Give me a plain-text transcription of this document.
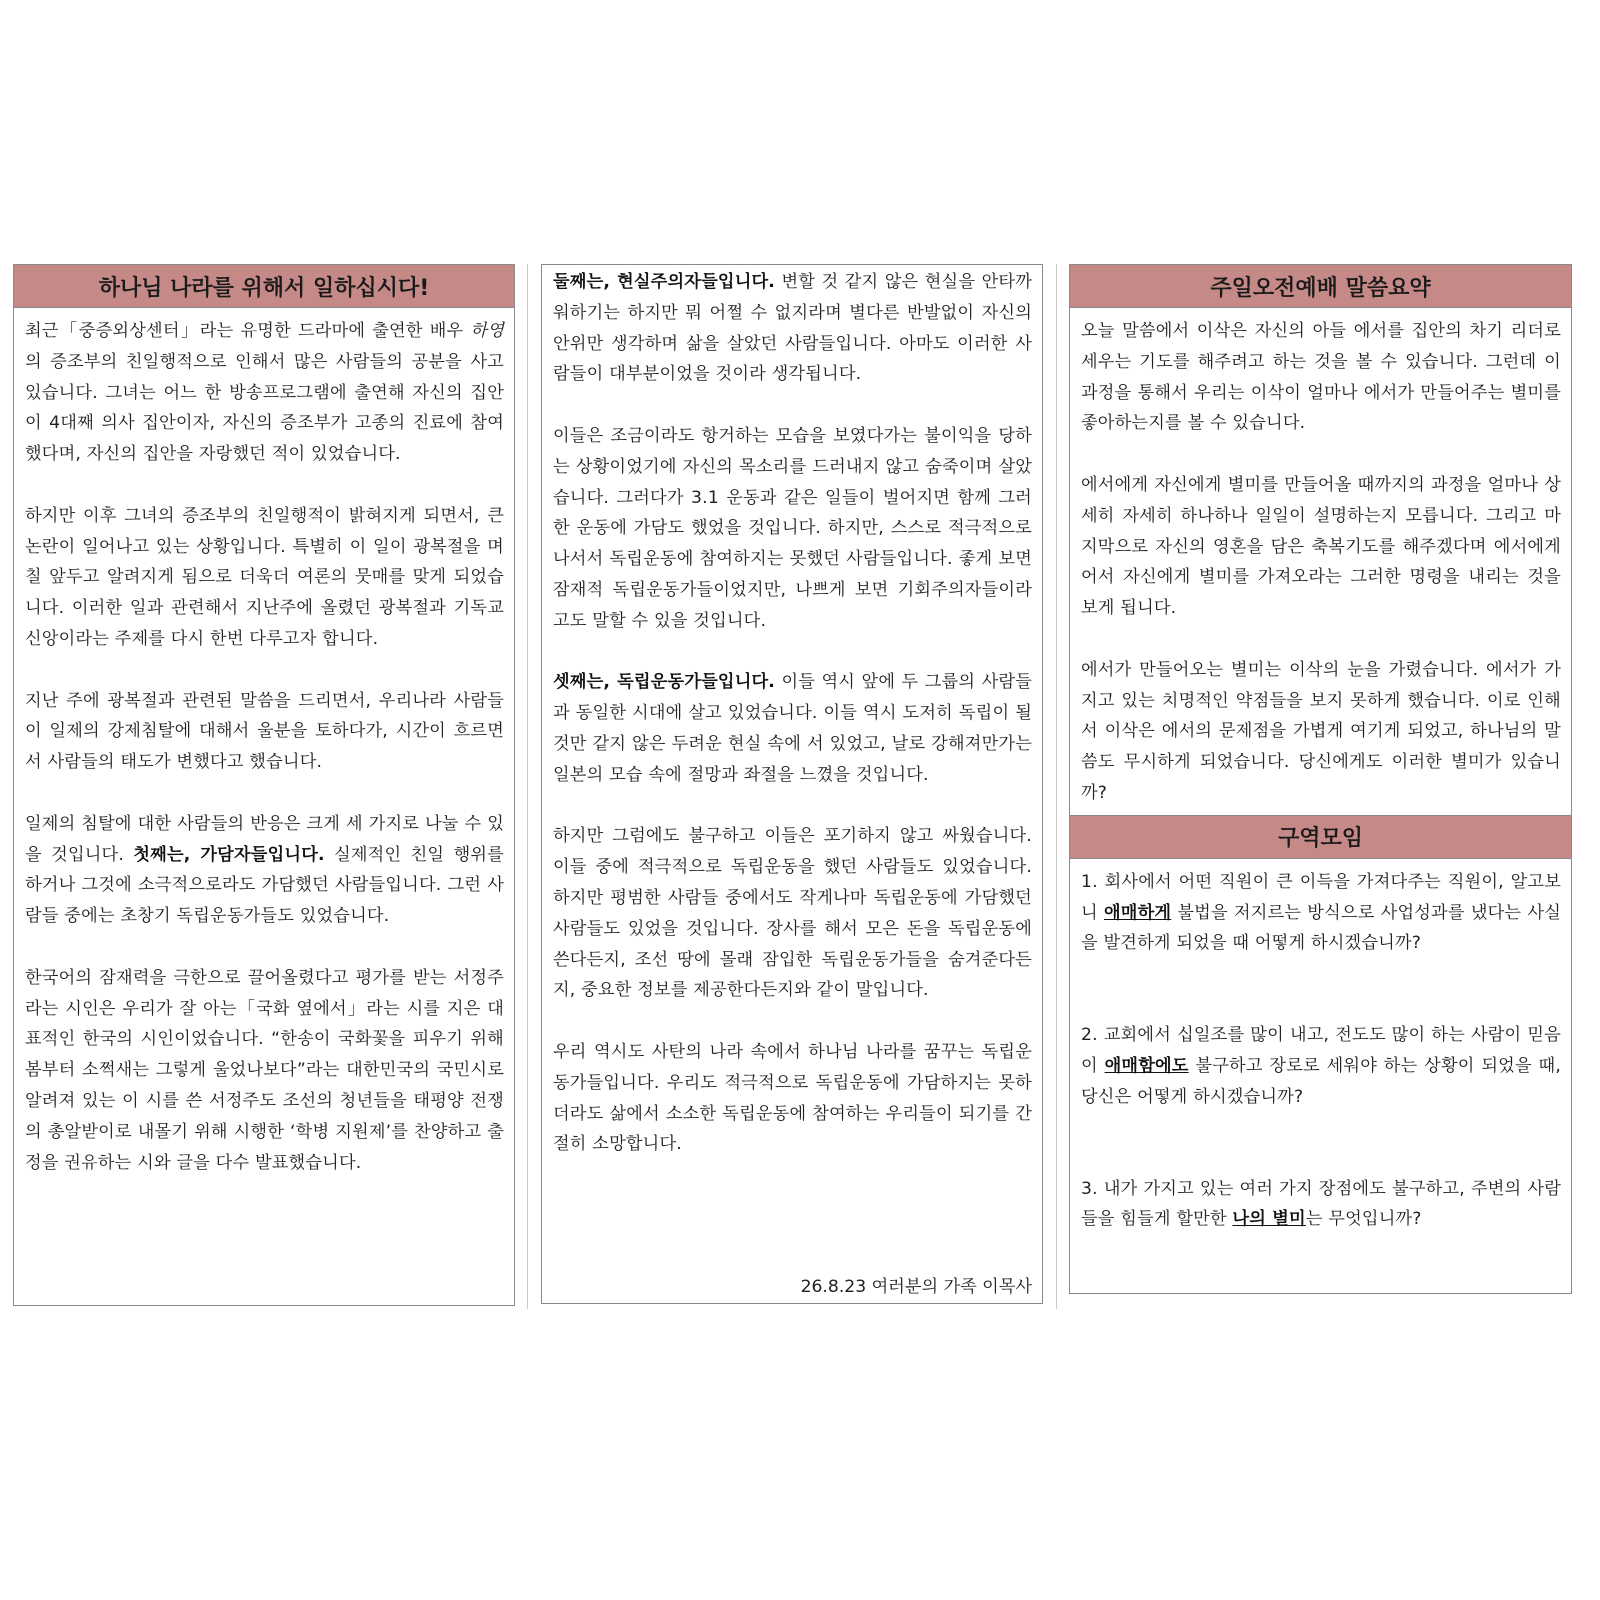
하나님 나라를 위해서 일하십시다!

최근「중증외상센터」라는 유명한 드라마에 출연한 배우 하영의 증조부의 친일행적으로 인해서 많은 사람들의 공분을 사고 있습니다. 그녀는 어느 한 방송프로그램에 출연해 자신의 집안이 4대째 의사 집안이자, 자신의 증조부가 고종의 진료에 참여했다며, 자신의 집안을 자랑했던 적이 있었습니다.

하지만 이후 그녀의 증조부의 친일행적이 밝혀지게 되면서, 큰 논란이 일어나고 있는 상황입니다. 특별히 이 일이 광복절을 며칠 앞두고 알려지게 됨으로 더욱더 여론의 뭇매를 맞게 되었습니다. 이러한 일과 관련해서 지난주에 올렸던 광복절과 기독교 신앙이라는 주제를 다시 한번 다루고자 합니다.

지난 주에 광복절과 관련된 말씀을 드리면서, 우리나라 사람들이 일제의 강제침탈에 대해서 울분을 토하다가, 시간이 흐르면서 사람들의 태도가 변했다고 했습니다.

일제의 침탈에 대한 사람들의 반응은 크게 세 가지로 나눌 수 있을 것입니다. 첫째는, 가담자들입니다. 실제적인 친일 행위를 하거나 그것에 소극적으로라도 가담했던 사람들입니다. 그런 사람들 중에는 초창기 독립운동가들도 있었습니다.

한국어의 잠재력을 극한으로 끌어올렸다고 평가를 받는 서정주라는 시인은 우리가 잘 아는「국화 옆에서」라는 시를 지은 대표적인 한국의 시인이었습니다. “한송이 국화꽃을 피우기 위해 봄부터 소쩍새는 그렇게 울었나보다”라는 대한민국의 국민시로 알려져 있는 이 시를 쓴 서정주도 조선의 청년들을 태평양 전쟁의 총알받이로 내몰기 위해 시행한 ‘학병 지원제’를 찬양하고 출정을 권유하는 시와 글을 다수 발표했습니다.

둘째는, 현실주의자들입니다. 변할 것 같지 않은 현실을 안타까워하기는 하지만 뭐 어쩔 수 없지라며 별다른 반발없이 자신의 안위만 생각하며 삶을 살았던 사람들입니다. 아마도 이러한 사람들이 대부분이었을 것이라 생각됩니다.

이들은 조금이라도 항거하는 모습을 보였다가는 불이익을 당하는 상황이었기에 자신의 목소리를 드러내지 않고 숨죽이며 살았습니다. 그러다가 3.1 운동과 같은 일들이 벌어지면 함께 그러한 운동에 가담도 했었을 것입니다. 하지만, 스스로 적극적으로 나서서 독립운동에 참여하지는 못했던 사람들입니다. 좋게 보면 잠재적 독립운동가들이었지만, 나쁘게 보면 기회주의자들이라고도 말할 수 있을 것입니다.

셋째는, 독립운동가들입니다. 이들 역시 앞에 두 그룹의 사람들과 동일한 시대에 살고 있었습니다. 이들 역시 도저히 독립이 될 것만 같지 않은 두려운 현실 속에 서 있었고, 날로 강해져만가는 일본의 모습 속에 절망과 좌절을 느꼈을 것입니다.

하지만 그럼에도 불구하고 이들은 포기하지 않고 싸웠습니다. 이들 중에 적극적으로 독립운동을 했던 사람들도 있었습니다. 하지만 평범한 사람들 중에서도 작게나마 독립운동에 가담했던 사람들도 있었을 것입니다. 장사를 해서 모은 돈을 독립운동에 쓴다든지, 조선 땅에 몰래 잠입한 독립운동가들을 숨겨준다든지, 중요한 정보를 제공한다든지와 같이 말입니다.

우리 역시도 사탄의 나라 속에서 하나님 나라를 꿈꾸는 독립운동가들입니다. 우리도 적극적으로 독립운동에 가담하지는 못하더라도 삶에서 소소한 독립운동에 참여하는 우리들이 되기를 간절히 소망합니다.

26.8.23 여러분의 가족 이목사
주일오전예배 말씀요약

오늘 말씀에서 이삭은 자신의 아들 에서를 집안의 차기 리더로 세우는 기도를 해주려고 하는 것을 볼 수 있습니다. 그런데 이 과정을 통해서 우리는 이삭이 얼마나 에서가 만들어주는 별미를 좋아하는지를 볼 수 있습니다.

에서에게 자신에게 별미를 만들어올 때까지의 과정을 얼마나 상세히 자세히 하나하나 일일이 설명하는지 모릅니다. 그리고 마지막으로 자신의 영혼을 담은 축복기도를 해주겠다며 에서에게 어서 자신에게 별미를 가져오라는 그러한 명령을 내리는 것을 보게 됩니다.

에서가 만들어오는 별미는 이삭의 눈을 가렸습니다. 에서가 가지고 있는 치명적인 약점들을 보지 못하게 했습니다. 이로 인해서 이삭은 에서의 문제점을 가볍게 여기게 되었고, 하나님의 말씀도 무시하게 되었습니다. 당신에게도 이러한 별미가 있습니까?

구역모임

1. 회사에서 어떤 직원이 큰 이득을 가져다주는 직원이, 알고보니 애매하게 불법을 저지르는 방식으로 사업성과를 냈다는 사실을 발견하게 되었을 때 어떻게 하시겠습니까?

2. 교회에서 십일조를 많이 내고, 전도도 많이 하는 사람이 믿음이 애매함에도 불구하고 장로로 세워야 하는 상황이 되었을 때, 당신은 어떻게 하시겠습니까?

3. 내가 가지고 있는 여러 가지 장점에도 불구하고, 주변의 사람들을 힘들게 할만한 나의 별미는 무엇입니까?
